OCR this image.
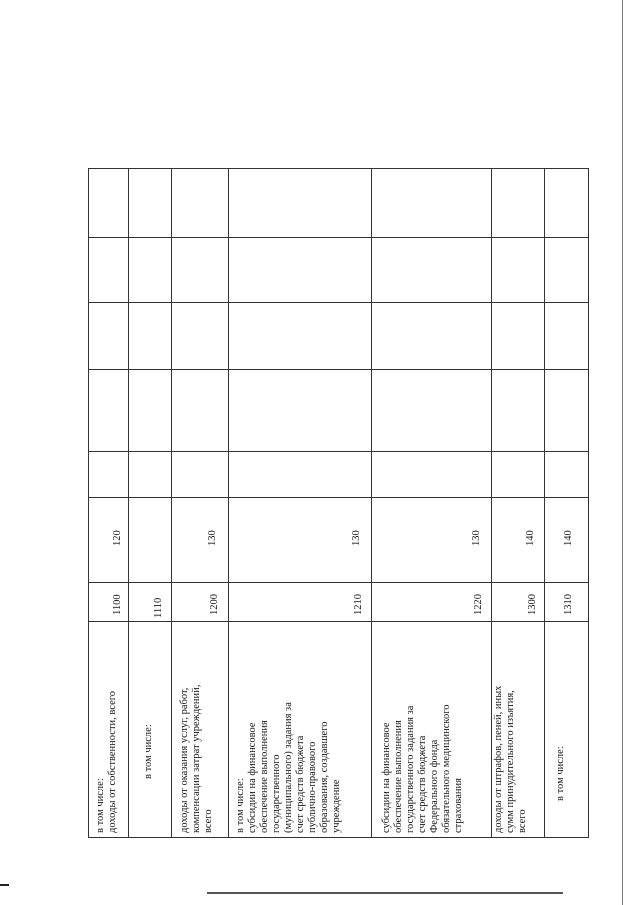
в том числе:
доходы от собственности, всего
1100
120
в том числе:
1110
доходы от оказания услуг, работ,
компенсации затрат учреждений,
всего
1200
130
в том числе:
субсидии на финансовое
обеспечение выполнения
государственного
(муниципального) задания за
счет средств бюджета
публично-правового
образования, создавшего
учреждение
1210
130
субсидии на финансовое
обеспечение выполнения
государственного задания за
счет средств бюджета
Федерального фонда
обязательного медицинского
страхования
1220
130
доходы от штрафов, пеней, иных
сумм принудительного изъятия,
всего
1300
140
в том числе:
1310
140
